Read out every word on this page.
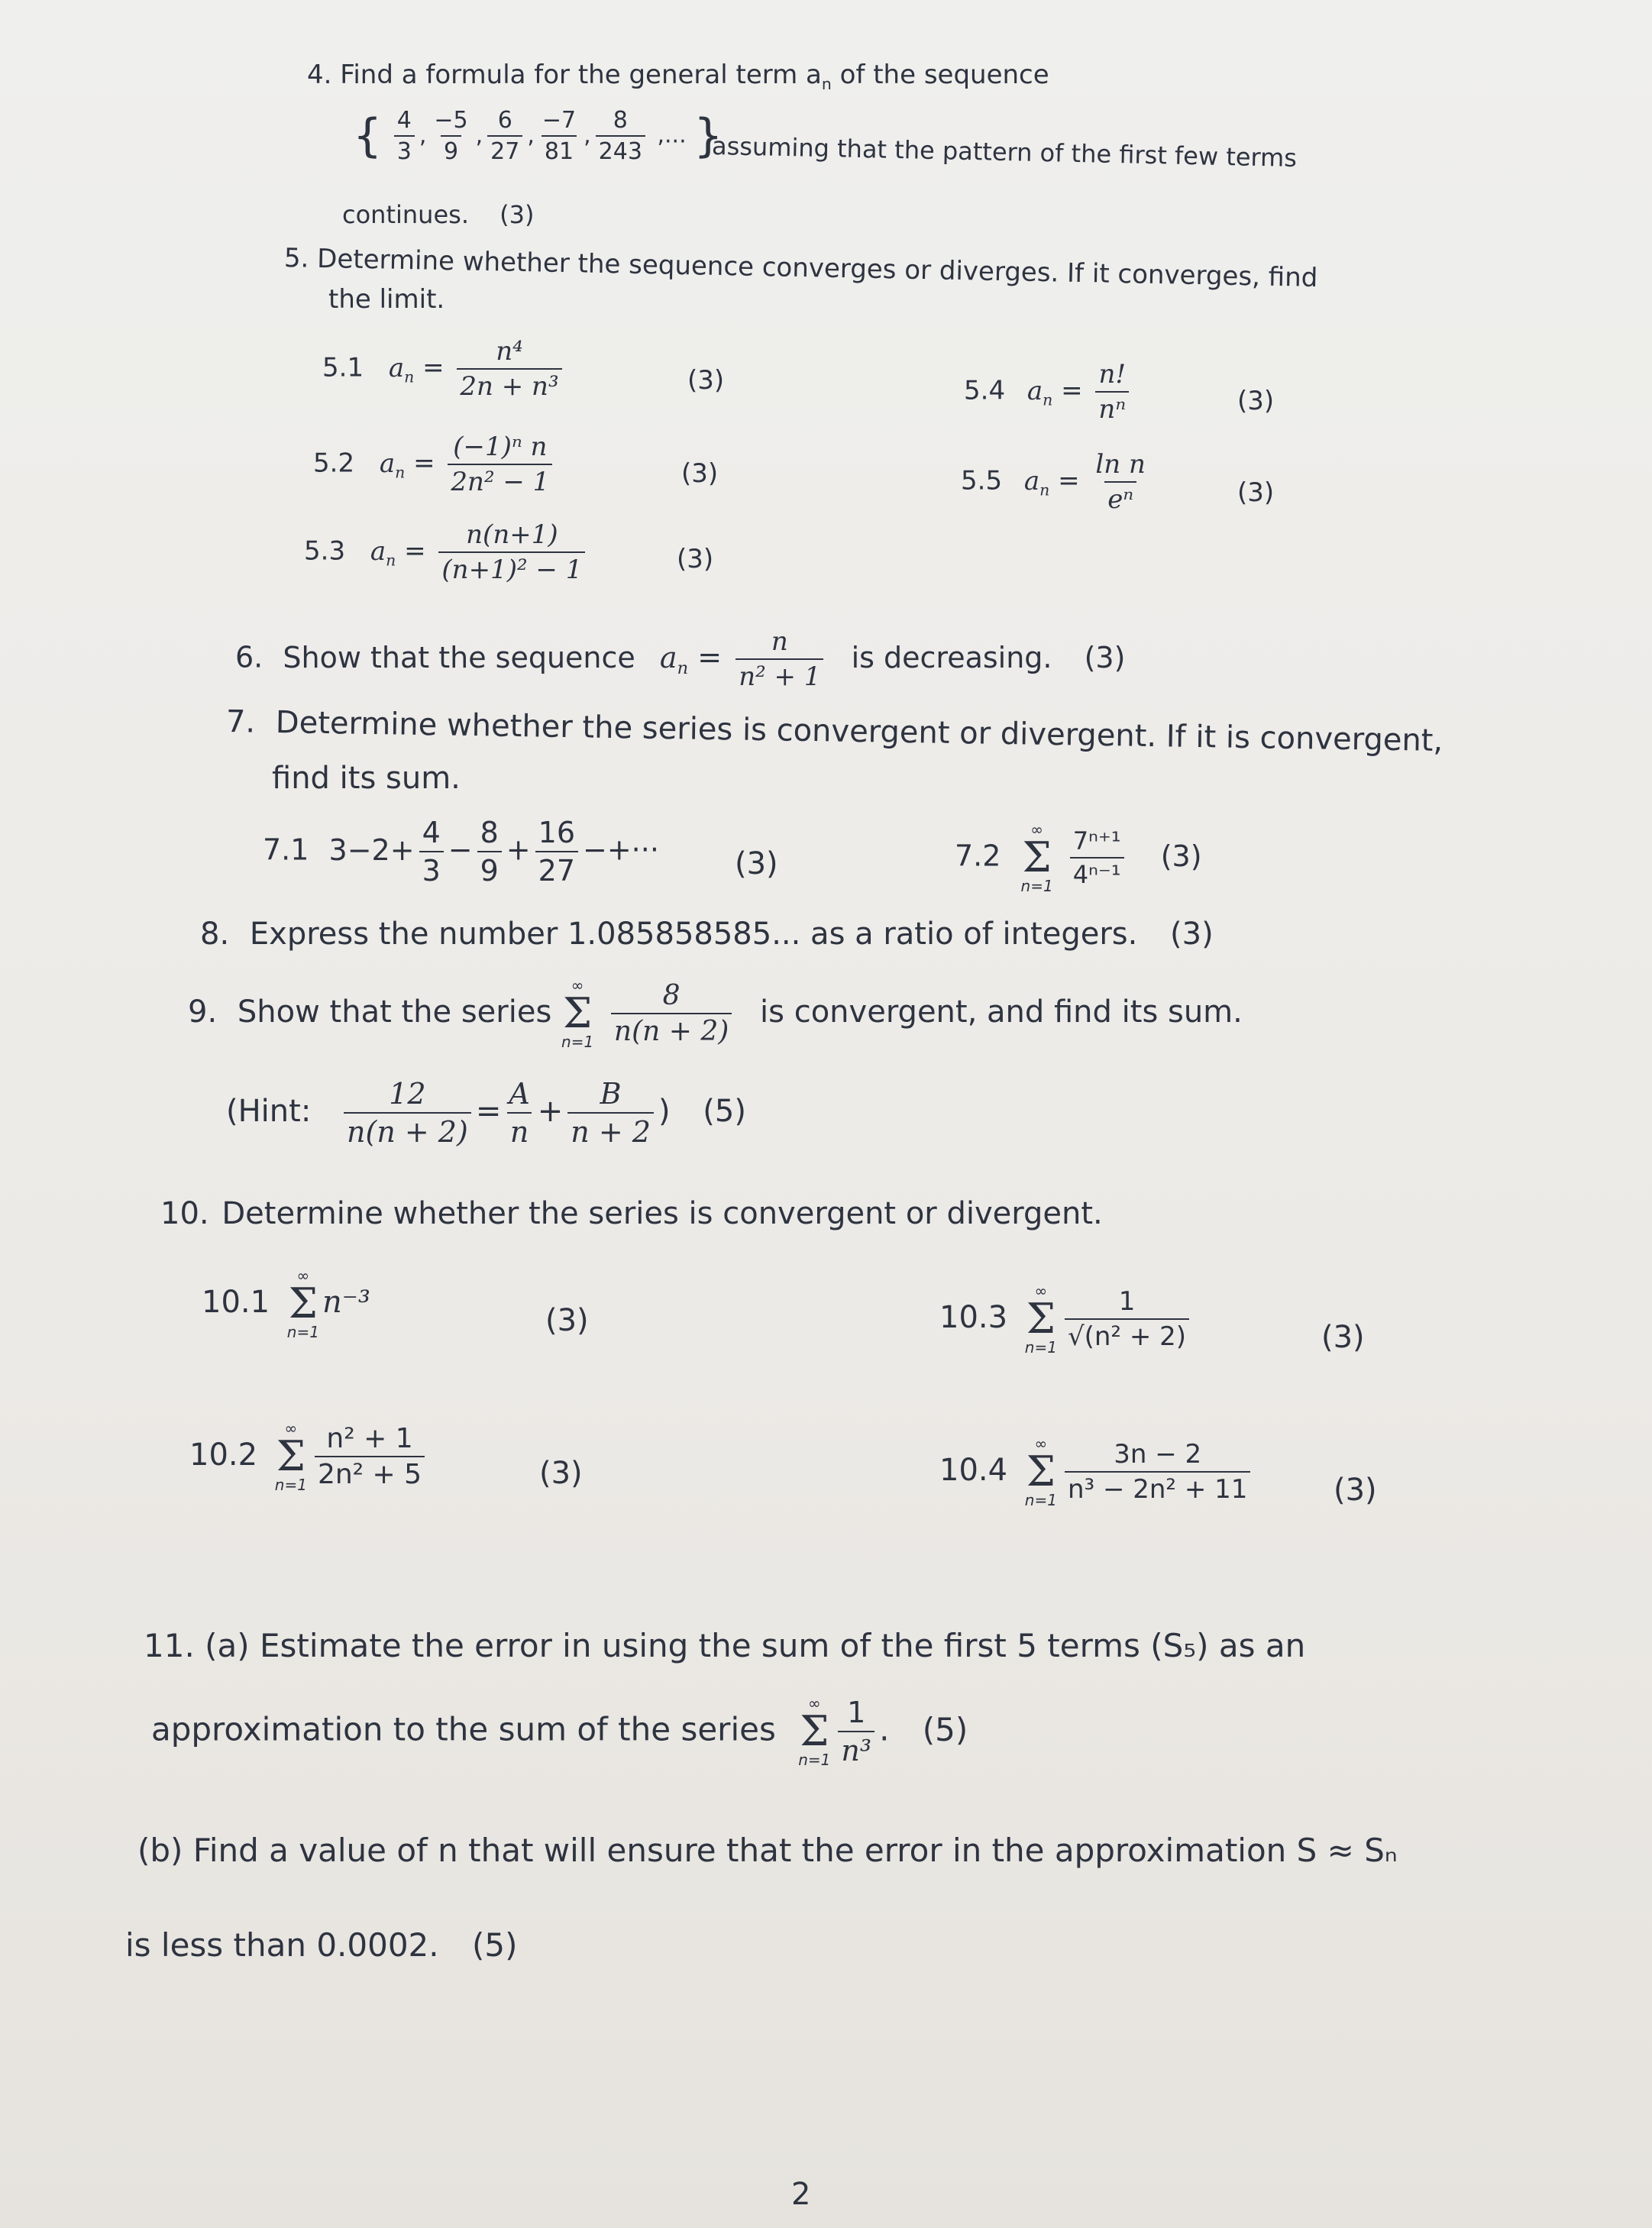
4. Find a formula for the general term $a_n$ of the sequence
{ $\frac{4}{3}$ , $\frac{-5}{9}$ , $\frac{6}{27}$ , $\frac{-7}{81}$ , $\frac{8}{243}$ ,... }
assuming that the pattern of the first few terms
continues. (3)
5. Determine whether the sequence converges or diverges. If it converges, find
the limit.
5.1 $a_n = \frac{\text{n⁴}}{\text{2n + n³}}$	(3)
5.2 $a_n = \frac{\text{(−1)ⁿ n}}{\text{2n² − 1}}$	(3)
5.3 $a_n = \frac{n(n+1)}{\text{(n+1)² − 1}}$	(3)
5.4 $a_n = \frac{n!}{\text{nⁿ}}$	(3)
5.5 $a_n = \frac{\text{ln n}}{\text{eⁿ}}$	(3)
6. Show that the sequence $a_n = \frac{n}{\text{n² + 1}}$ is decreasing. (3)
7. Determine whether the series is convergent or divergent. If it is convergent,
find its sum.
7.1 $3-2+ \frac{4}{3} - \frac{8}{9} + \frac{16}{27}$ −+··· (3)	7.2
∞
Σ
n=1
$\frac{\text{7ⁿ⁺¹}}{\text{4ⁿ⁻¹}} (3)$
8. Express the number 1.085858585... as a ratio of integers. (3)
9. Show that the series
∞
Σ
n=1
$\frac{8}{n(n + 2)}$ is convergent, and find its sum.
(Hint: $\frac{12}{n(n + 2)} = \frac{A}{n} + \frac{B}{n + 2}$ ) (5)
10. Determine whether the series is convergent or divergent.
10.1
∞
Σ
n=1
n⁻³
(3)
10.2
∞
Σ
$n=1 \frac{\text{n² + 1}}{\text{2n² + 5}}$	(3)
10.3
∞
Σ
$n=1 \frac{1}{\text{√(n² + 2)}}$	(3)
10.4
∞
Σ
$n=1 \frac{3n - 2}{\text{n³ − 2n² + 11}}$	(3)
11. (a) Estimate the error in using the sum of the first 5 terms (S₅) as an
approximation to the sum of the series
∞
Σ
$n=1 \frac{1}{\text{n³}}$ . (5)
(b) Find a value of n that will ensure that the error in the approximation S ≈ Sₙ
is less than 0.0002. (5)
2
